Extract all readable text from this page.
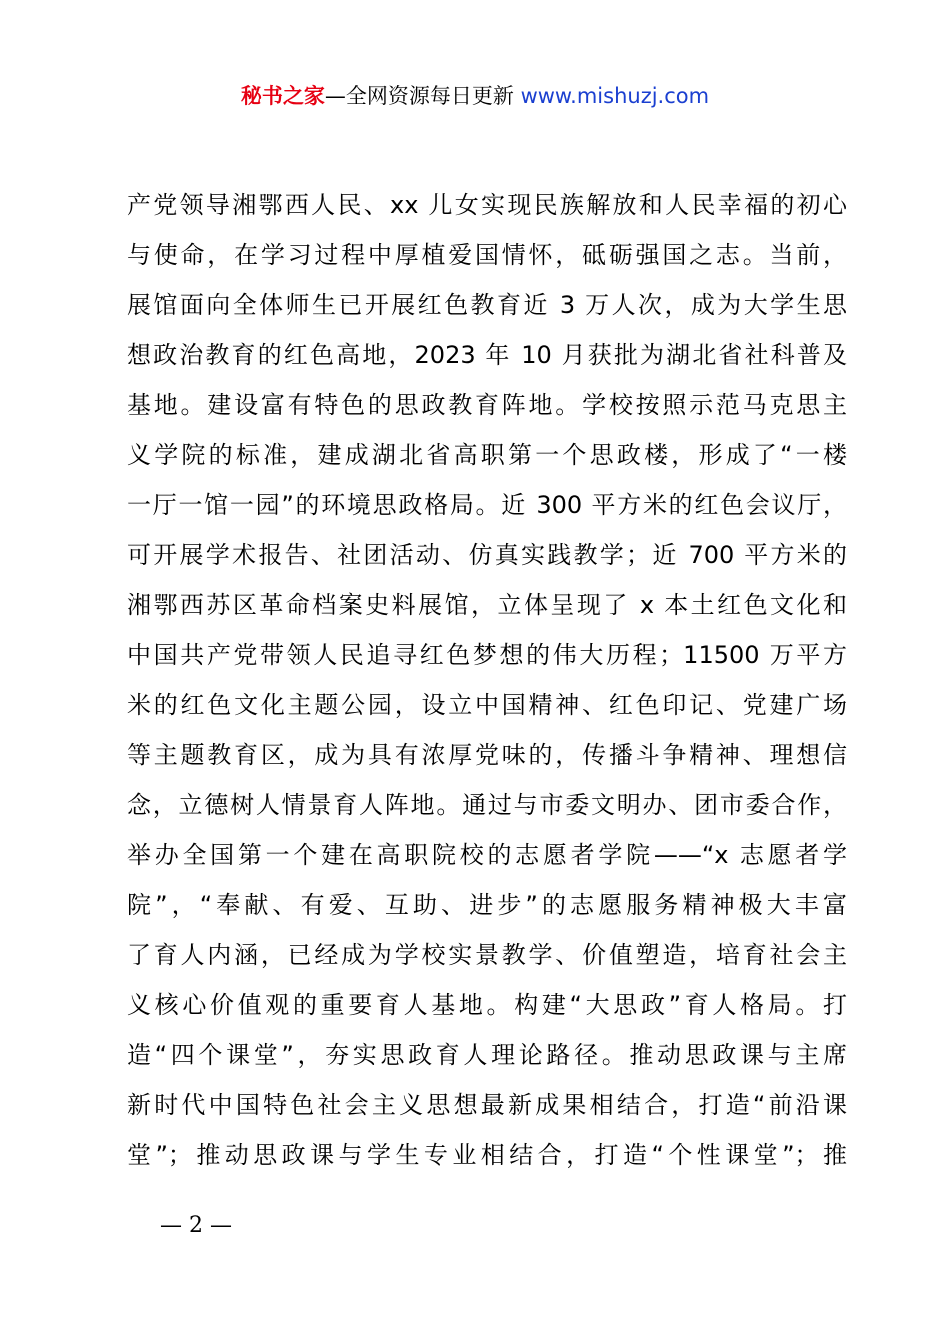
秘书之家—全网资源每日更新 www.mishuzj.com
产党领导湘鄂西人民、xx 儿女实现民族解放和人民幸福的初心
与使命，在学习过程中厚植爱国情怀，砥砺强国之志。当前，
展馆面向全体师生已开展红色教育近 3 万人次，成为大学生思
想政治教育的红色高地，2023 年 10 月获批为湖北省社科普及
基地。建设富有特色的思政教育阵地。学校按照示范马克思主
义学院的标准，建成湖北省高职第一个思政楼，形成了“一楼
一厅一馆一园”的环境思政格局。近 300 平方米的红色会议厅，
可开展学术报告、社团活动、仿真实践教学；近 700 平方米的
湘鄂西苏区革命档案史料展馆，立体呈现了 x 本土红色文化和
中国共产党带领人民追寻红色梦想的伟大历程；11500 万平方
米的红色文化主题公园，设立中国精神、红色印记、党建广场
等主题教育区，成为具有浓厚党味的，传播斗争精神、理想信
念，立德树人情景育人阵地。通过与市委文明办、团市委合作，
举办全国第一个建在高职院校的志愿者学院——“x 志愿者学
院”，“奉献、有爱、互助、进步”的志愿服务精神极大丰富
了育人内涵，已经成为学校实景教学、价值塑造，培育社会主
义核心价值观的重要育人基地。构建“大思政”育人格局。打
造“四个课堂”，夯实思政育人理论路径。推动思政课与主席
新时代中国特色社会主义思想最新成果相结合，打造“前沿课
堂”；推动思政课与学生专业相结合，打造“个性课堂”；推
— 2 —
